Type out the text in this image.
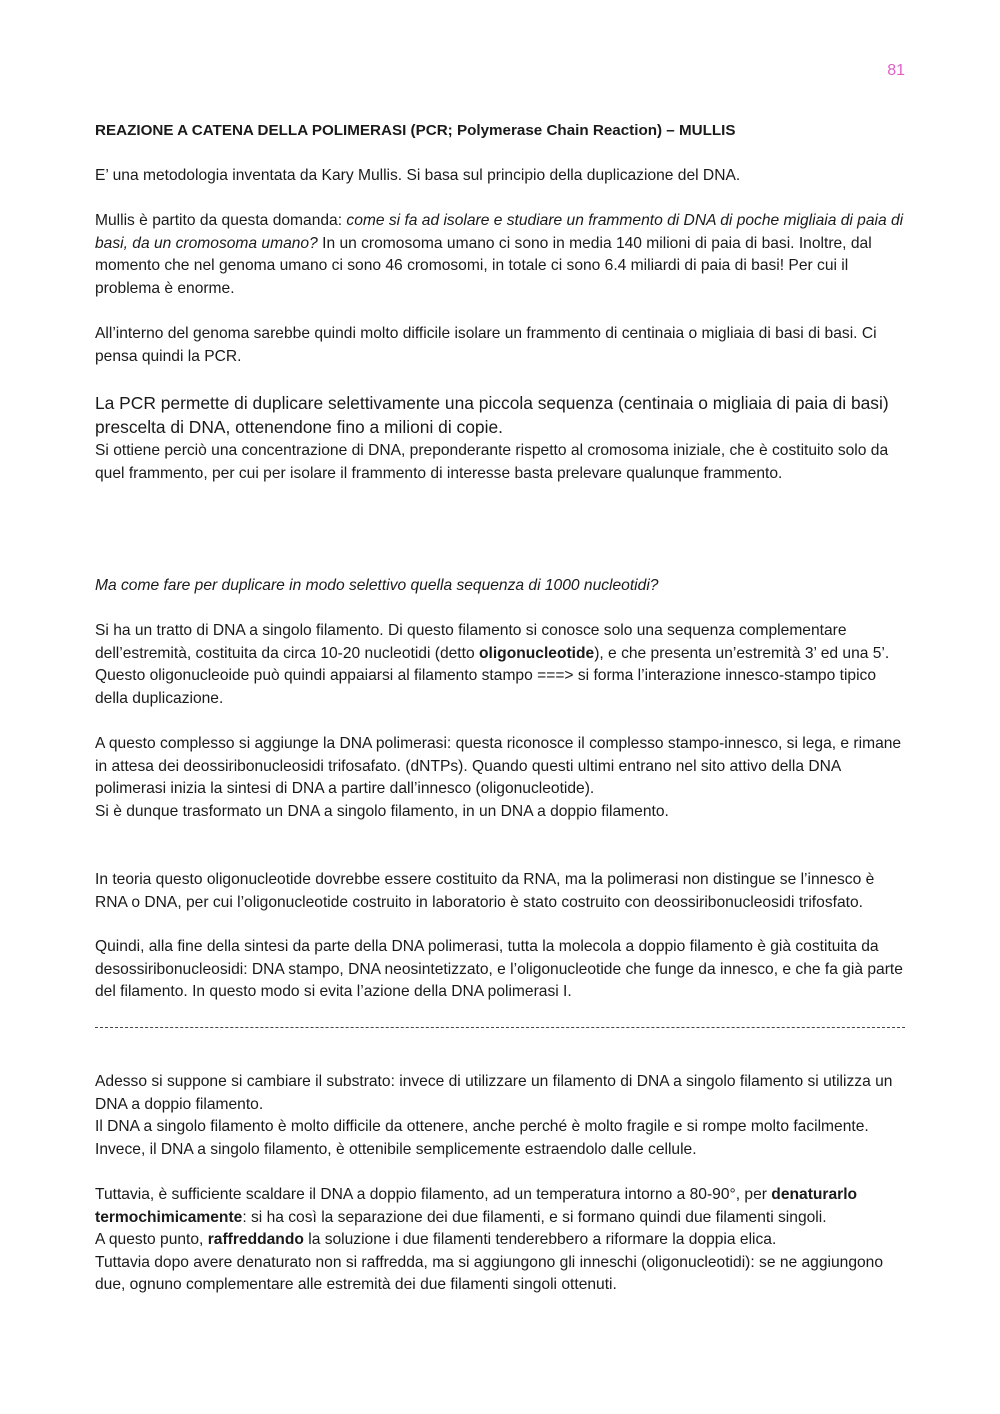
81
REAZIONE A CATENA DELLA POLIMERASI (PCR; Polymerase Chain Reaction) – MULLIS

E’ una metodologia inventata da Kary Mullis. Si basa sul principio della duplicazione del DNA.

Mullis è partito da questa domanda: come si fa ad isolare e studiare un frammento di DNA di poche migliaia di paia di basi, da un cromosoma umano? In un cromosoma umano ci sono in media 140 milioni di paia di basi. Inoltre, dal momento che nel genoma umano ci sono 46 cromosomi, in totale ci sono 6.4 miliardi di paia di basi! Per cui il problema è enorme.

All’interno del genoma sarebbe quindi molto difficile isolare un frammento di centinaia o migliaia di basi di basi. Ci pensa quindi la PCR.

La PCR permette di duplicare selettivamente una piccola sequenza (centinaia o migliaia di paia di basi) prescelta di DNA, ottenendone fino a milioni di copie.

Si ottiene perciò una concentrazione di DNA, preponderante rispetto al cromosoma iniziale, che è costituito solo da quel frammento, per cui per isolare il frammento di interesse basta prelevare qualunque frammento.

Ma come fare per duplicare in modo selettivo quella sequenza di 1000 nucleotidi?

Si ha un tratto di DNA a singolo filamento. Di questo filamento si conosce solo una sequenza complementare dell’estremità, costituita da circa 10-20 nucleotidi (detto oligonucleotide), e che presenta un’estremità 3’ ed una 5’. Questo oligonucleoide può quindi appaiarsi al filamento stampo ===> si forma l’interazione innesco-stampo tipico della duplicazione.

A questo complesso si aggiunge la DNA polimerasi: questa riconosce il complesso stampo-innesco, si lega, e rimane in attesa dei deossiribonucleosidi trifosafato. (dNTPs). Quando questi ultimi entrano nel sito attivo della DNA polimerasi inizia la sintesi di DNA a partire dall’innesco (oligonucleotide).

Si è dunque trasformato un DNA a singolo filamento, in un DNA a doppio filamento.

In teoria questo oligonucleotide dovrebbe essere costituito da RNA, ma la polimerasi non distingue se l’innesco è RNA o DNA, per cui l’oligonucleotide costruito in laboratorio è stato costruito con deossiribonucleosidi trifosfato.

Quindi, alla fine della sintesi da parte della DNA polimerasi, tutta la molecola a doppio filamento è già costituita da desossiribonucleosidi: DNA stampo, DNA neosintetizzato, e l’oligonucleotide che funge da innesco, e che fa già parte del filamento. In questo modo si evita l’azione della DNA polimerasi I.

Adesso si suppone si cambiare il substrato: invece di utilizzare un filamento di DNA a singolo filamento si utilizza un DNA a doppio filamento.

Il DNA a singolo filamento è molto difficile da ottenere, anche perché è molto fragile e si rompe molto facilmente. Invece, il DNA a singolo filamento, è ottenibile semplicemente estraendolo dalle cellule.

Tuttavia, è sufficiente scaldare il DNA a doppio filamento, ad un temperatura intorno a 80-90°, per denaturarlo termochimicamente: si ha così la separazione dei due filamenti, e si formano quindi due filamenti singoli.
A questo punto, raffreddando la soluzione i due filamenti tenderebbero a riformare la doppia elica.
Tuttavia dopo avere denaturato non si raffredda, ma si aggiungono gli inneschi (oligonucleotidi): se ne aggiungono due, ognuno complementare alle estremità dei due filamenti singoli ottenuti.
